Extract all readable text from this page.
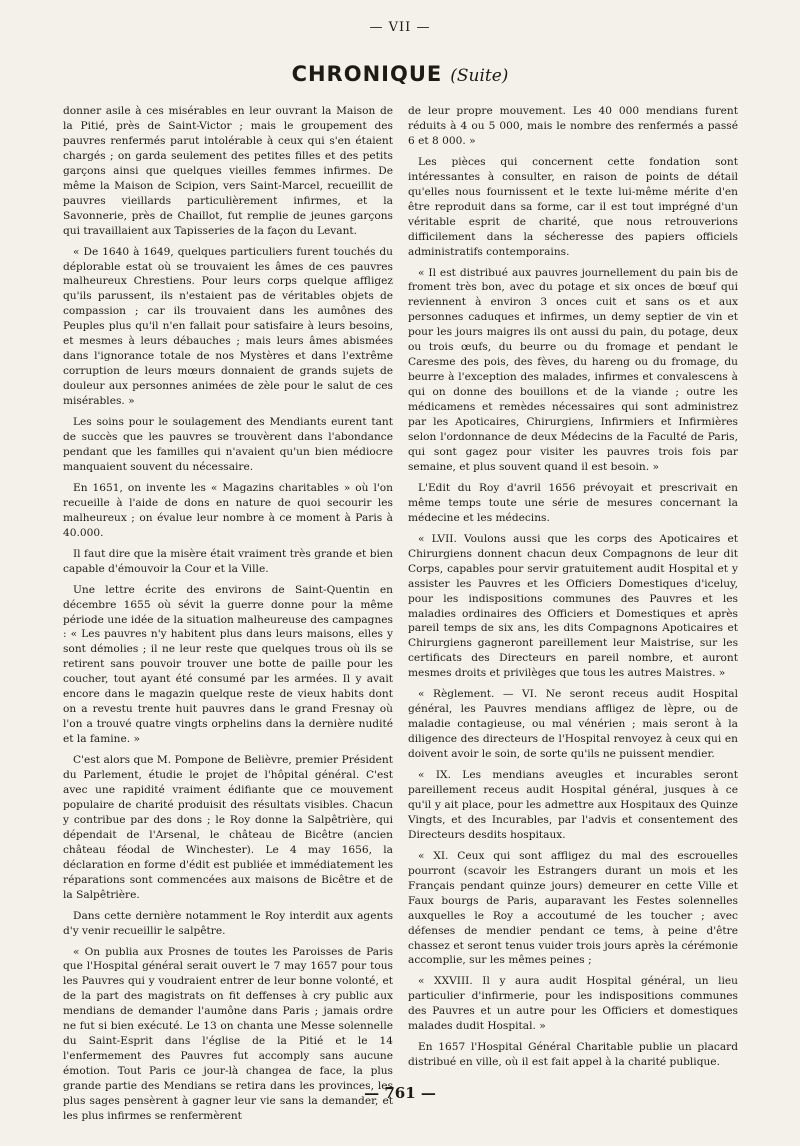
— VII —
CHRONIQUE (Suite)

donner asile à ces misérables en leur ouvrant la Maison de la Pitié, près de Saint-Victor ; mais le groupement des pauvres renfermés parut intolérable à ceux qui s'en étaient chargés ; on garda seulement des petites filles et des petits garçons ainsi que quelques vieilles femmes infirmes. De même la Maison de Scipion, vers Saint-Marcel, recueillit de pauvres vieillards particulièrement infirmes, et la Savonnerie, près de Chaillot, fut remplie de jeunes garçons qui travaillaient aux Tapisseries de la façon du Levant.

« De 1640 à 1649, quelques particuliers furent touchés du déplorable estat où se trouvaient les âmes de ces pauvres malheureux Chrestiens. Pour leurs corps quelque affligez qu'ils parussent, ils n'estaient pas de véritables objets de compassion ; car ils trouvaient dans les aumônes des Peuples plus qu'il n'en fallait pour satisfaire à leurs besoins, et mesmes à leurs débauches ; mais leurs âmes abismées dans l'ignorance totale de nos Mystères et dans l'extrême corruption de leurs mœurs donnaient de grands sujets de douleur aux personnes animées de zèle pour le salut de ces misérables. »

Les soins pour le soulagement des Mendiants eurent tant de succès que les pauvres se trouvèrent dans l'abondance pendant que les familles qui n'avaient qu'un bien médiocre manquaient souvent du nécessaire.

En 1651, on invente les « Magazins charitables » où l'on recueille à l'aide de dons en nature de quoi secourir les malheureux ; on évalue leur nombre à ce moment à Paris à 40.000.

Il faut dire que la misère était vraiment très grande et bien capable d'émouvoir la Cour et la Ville.

Une lettre écrite des environs de Saint-Quentin en décembre 1655 où sévit la guerre donne pour la même période une idée de la situation malheureuse des campagnes : « Les pauvres n'y habitent plus dans leurs maisons, elles y sont démolies ; il ne leur reste que quelques trous où ils se retirent sans pouvoir trouver une botte de paille pour les coucher, tout ayant été consumé par les armées. Il y avait encore dans le magazin quelque reste de vieux habits dont on a revestu trente huit pauvres dans le grand Fresnay où l'on a trouvé quatre vingts orphelins dans la dernière nudité et la famine. »

C'est alors que M. Pompone de Belièvre, premier Président du Parlement, étudie le projet de l'hôpital général. C'est avec une rapidité vraiment édifiante que ce mouvement populaire de charité produisit des résultats visibles. Chacun y contribue par des dons ; le Roy donne la Salpêtrière, qui dépendait de l'Arsenal, le château de Bicêtre (ancien château féodal de Winchester). Le 4 may 1656, la déclaration en forme d'édit est publiée et immédiatement les réparations sont commencées aux maisons de Bicêtre et de la Salpêtrière.

Dans cette dernière notamment le Roy interdit aux agents d'y venir recueillir le salpêtre.

« On publia aux Prosnes de toutes les Paroisses de Paris que l'Hospital général serait ouvert le 7 may 1657 pour tous les Pauvres qui y voudraient entrer de leur bonne volonté, et de la part des magistrats on fit deffenses à cry public aux mendians de demander l'aumône dans Paris ; jamais ordre ne fut si bien exécuté. Le 13 on chanta une Messe solennelle du Saint-Esprit dans l'église de la Pitié et le 14 l'enfermement des Pauvres fut accomply sans aucune émotion. Tout Paris ce jour-là changea de face, la plus grande partie des Mendians se retira dans les provinces, les plus sages pensèrent à gagner leur vie sans la demander, et les plus infirmes se renfermèrent

de leur propre mouvement. Les 40 000 mendians furent réduits à 4 ou 5 000, mais le nombre des renfermés a passé 6 et 8 000. »

Les pièces qui concernent cette fondation sont intéressantes à consulter, en raison de points de détail qu'elles nous fournissent et le texte lui-même mérite d'en être reproduit dans sa forme, car il est tout imprégné d'un véritable esprit de charité, que nous retrouverions difficilement dans la sécheresse des papiers officiels administratifs contemporains.

« Il est distribué aux pauvres journellement du pain bis de froment très bon, avec du potage et six onces de bœuf qui reviennent à environ 3 onces cuit et sans os et aux personnes caduques et infirmes, un demy septier de vin et pour les jours maigres ils ont aussi du pain, du potage, deux ou trois œufs, du beurre ou du fromage et pendant le Caresme des pois, des fèves, du hareng ou du fromage, du beurre à l'exception des malades, infirmes et convalescens à qui on donne des bouillons et de la viande ; outre les médicamens et remèdes nécessaires qui sont administrez par les Apoticaires, Chirurgiens, Infirmiers et Infirmières selon l'ordonnance de deux Médecins de la Faculté de Paris, qui sont gagez pour visiter les pauvres trois fois par semaine, et plus souvent quand il est besoin. »

L'Edit du Roy d'avril 1656 prévoyait et prescrivait en même temps toute une série de mesures concernant la médecine et les médecins.

« LVII. Voulons aussi que les corps des Apoticaires et Chirurgiens donnent chacun deux Compagnons de leur dit Corps, capables pour servir gratuitement audit Hospital et y assister les Pauvres et les Officiers Domestiques d'iceluy, pour les indispositions communes des Pauvres et les maladies ordinaires des Officiers et Domestiques et après pareil temps de six ans, les dits Compagnons Apoticaires et Chirurgiens gagneront pareillement leur Maistrise, sur les certificats des Directeurs en pareil nombre, et auront mesmes droits et privilèges que tous les autres Maistres. »

« Règlement. — VI. Ne seront receus audit Hospital général, les Pauvres mendians affligez de lèpre, ou de maladie contagieuse, ou mal vénérien ; mais seront à la diligence des directeurs de l'Hospital renvoyez à ceux qui en doivent avoir le soin, de sorte qu'ils ne puissent mendier.

« IX. Les mendians aveugles et incurables seront pareillement receus audit Hospital général, jusques à ce qu'il y ait place, pour les admettre aux Hospitaux des Quinze Vingts, et des Incurables, par l'advis et consentement des Directeurs desdits hospitaux.

« XI. Ceux qui sont affligez du mal des escrouelles pourront (scavoir les Estrangers durant un mois et les Français pendant quinze jours) demeurer en cette Ville et Faux bourgs de Paris, auparavant les Festes solennelles auxquelles le Roy a accoutumé de les toucher ; avec défenses de mendier pendant ce tems, à peine d'être chassez et seront tenus vuider trois jours après la cérémonie accomplie, sur les mêmes peines ;

« XXVIII. Il y aura audit Hospital général, un lieu particulier d'infirmerie, pour les indispositions communes des Pauvres et un autre pour les Officiers et domestiques malades dudit Hospital. »

En 1657 l'Hospital Général Charitable publie un placard distribué en ville, où il est fait appel à la charité publique.

— 761 —
